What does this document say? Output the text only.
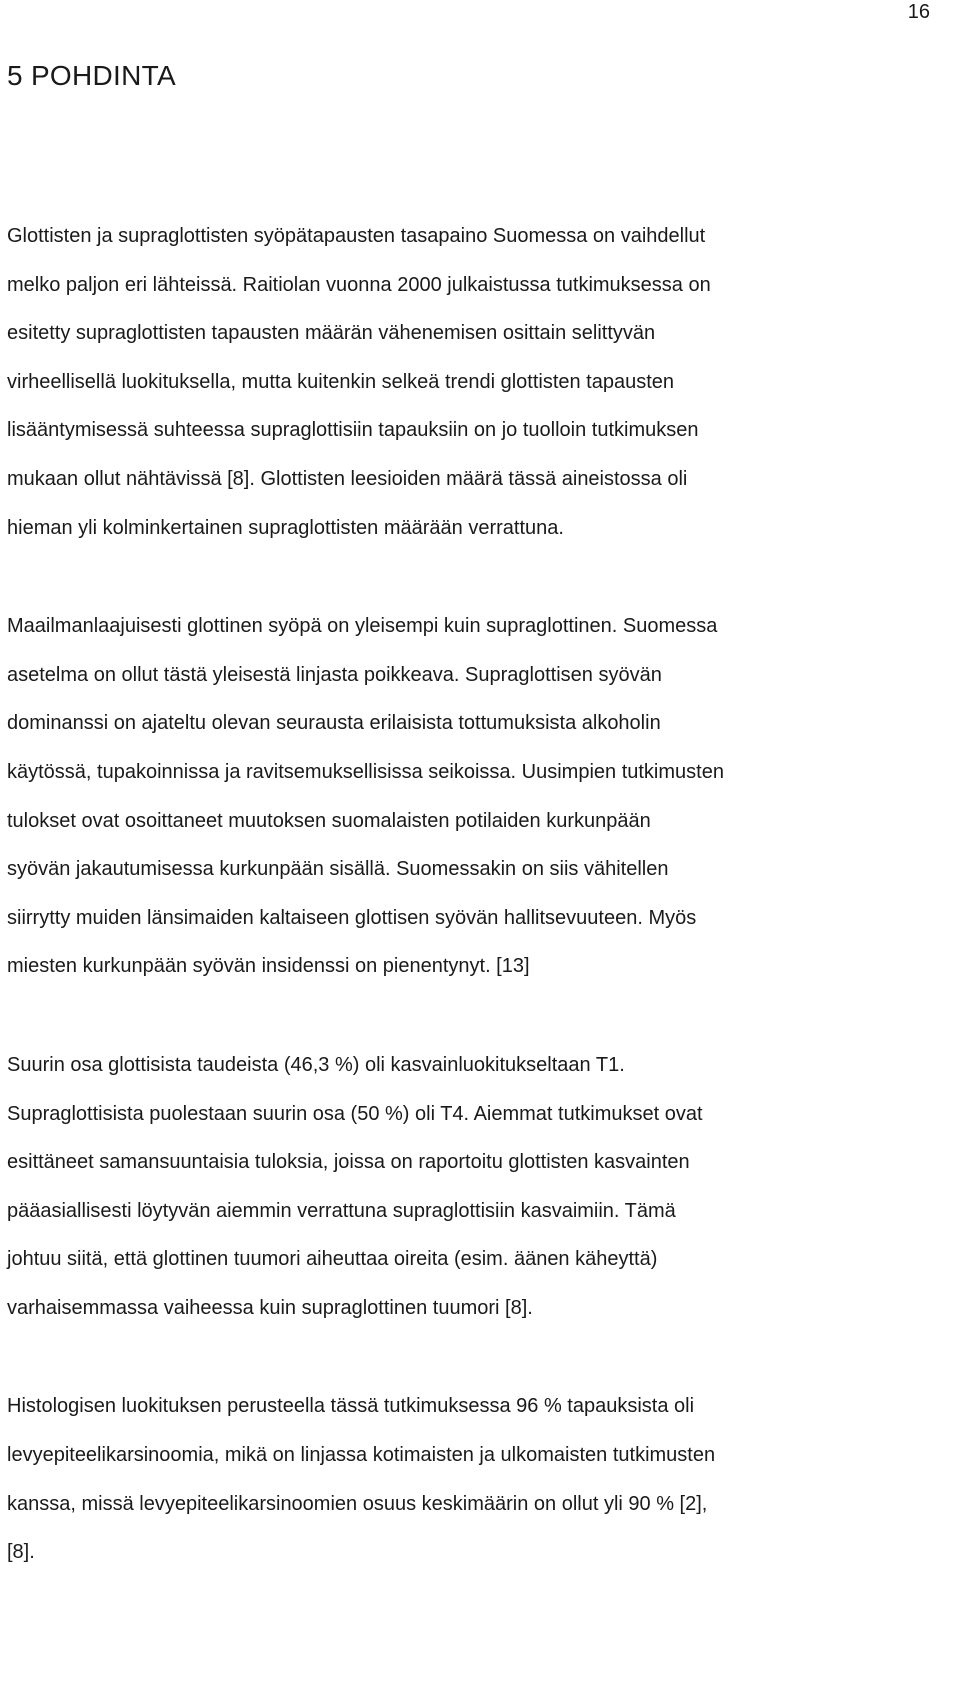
16
5 POHDINTA

Glottisten ja supraglottisten syöpätapausten tasapaino Suomessa on vaihdellut
melko paljon eri lähteissä. Raitiolan vuonna 2000 julkaistussa tutkimuksessa on
esitetty supraglottisten tapausten määrän vähenemisen osittain selittyvän
virheellisellä luokituksella, mutta kuitenkin selkeä trendi glottisten tapausten
lisääntymisessä suhteessa supraglottisiin tapauksiin on jo tuolloin tutkimuksen
mukaan ollut nähtävissä [8]. Glottisten leesioiden määrä tässä aineistossa oli
hieman yli kolminkertainen supraglottisten määrään verrattuna.

Maailmanlaajuisesti glottinen syöpä on yleisempi kuin supraglottinen. Suomessa
asetelma on ollut tästä yleisestä linjasta poikkeava. Supraglottisen syövän
dominanssi on ajateltu olevan seurausta erilaisista tottumuksista alkoholin
käytössä, tupakoinnissa ja ravitsemuksellisissa seikoissa. Uusimpien tutkimusten
tulokset ovat osoittaneet muutoksen suomalaisten potilaiden kurkunpään
syövän jakautumisessa kurkunpään sisällä. Suomessakin on siis vähitellen
siirrytty muiden länsimaiden kaltaiseen glottisen syövän hallitsevuuteen. Myös
miesten kurkunpään syövän insidenssi on pienentynyt. [13]

Suurin osa glottisista taudeista (46,3 %) oli kasvainluokitukseltaan T1.
Supraglottisista puolestaan suurin osa (50 %) oli T4. Aiemmat tutkimukset ovat
esittäneet samansuuntaisia tuloksia, joissa on raportoitu glottisten kasvainten
pääasiallisesti löytyvän aiemmin verrattuna supraglottisiin kasvaimiin. Tämä
johtuu siitä, että glottinen tuumori aiheuttaa oireita (esim. äänen käheyttä)
varhaisemmassa vaiheessa kuin supraglottinen tuumori [8].

Histologisen luokituksen perusteella tässä tutkimuksessa 96 % tapauksista oli
levyepiteelikarsinoomia, mikä on linjassa kotimaisten ja ulkomaisten tutkimusten
kanssa, missä levyepiteelikarsinoomien osuus keskimäärin on ollut yli 90 % [2],
[8].
